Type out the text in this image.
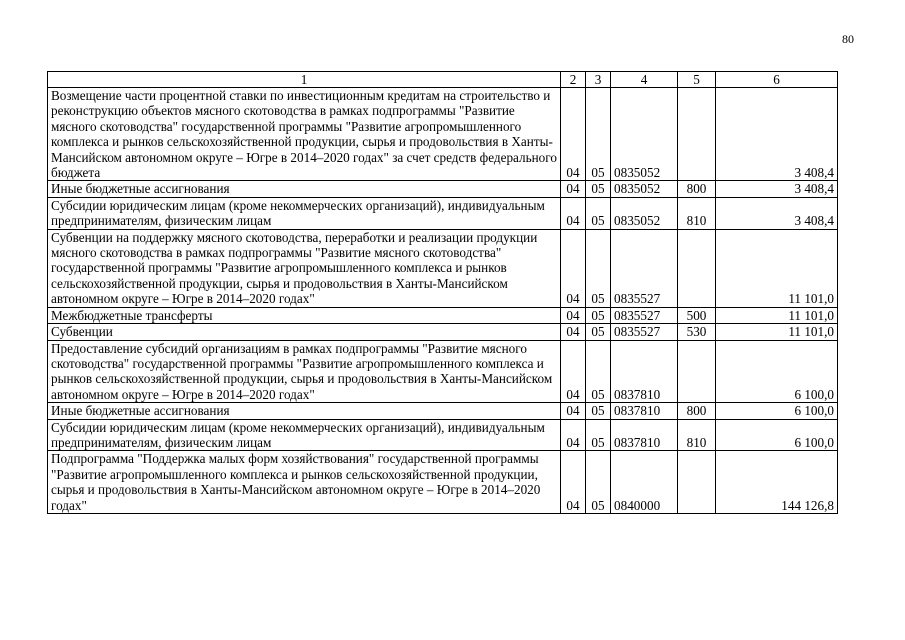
80
1	2	3	4	5	6
Возмещение части процентной ставки по инвестиционным кредитам на строительство и реконструкцию объектов мясного скотоводства в рамках подпрограммы "Развитие мясного скотоводства" государственной программы "Развитие агропромышленного комплекса и рынков сельскохозяйственной продукции, сырья и продовольствия в Ханты-Мансийском автономном округе – Югре в 2014–2020 годах" за счет средств федерального бюджета	04	05	0835052		3 408,4
Иные бюджетные ассигнования	04	05	0835052	800	3 408,4
Субсидии юридическим лицам (кроме некоммерческих организаций), индивидуальным предпринимателям, физическим лицам	04	05	0835052	810	3 408,4
Субвенции на поддержку мясного скотоводства, переработки и реализации продукции мясного скотоводства в рамках подпрограммы "Развитие мясного скотоводства" государственной программы "Развитие агропромышленного комплекса и рынков сельскохозяйственной продукции, сырья и продовольствия в Ханты-Мансийском автономном округе – Югре в 2014–2020 годах"	04	05	0835527		11 101,0
Межбюджетные трансферты	04	05	0835527	500	11 101,0
Субвенции	04	05	0835527	530	11 101,0
Предоставление субсидий организациям в рамках подпрограммы "Развитие мясного скотоводства" государственной программы "Развитие агропромышленного комплекса и рынков сельскохозяйственной продукции, сырья и продовольствия в Ханты-Мансийском автономном округе – Югре в 2014–2020 годах"	04	05	0837810		6 100,0
Иные бюджетные ассигнования	04	05	0837810	800	6 100,0
Субсидии юридическим лицам (кроме некоммерческих организаций), индивидуальным предпринимателям, физическим лицам	04	05	0837810	810	6 100,0
Подпрограмма "Поддержка малых форм хозяйствования" государственной программы "Развитие агропромышленного комплекса и рынков сельскохозяйственной продукции, сырья и продовольствия в Ханты-Мансийском автономном округе – Югре в 2014–2020 годах"	04	05	0840000		144 126,8
